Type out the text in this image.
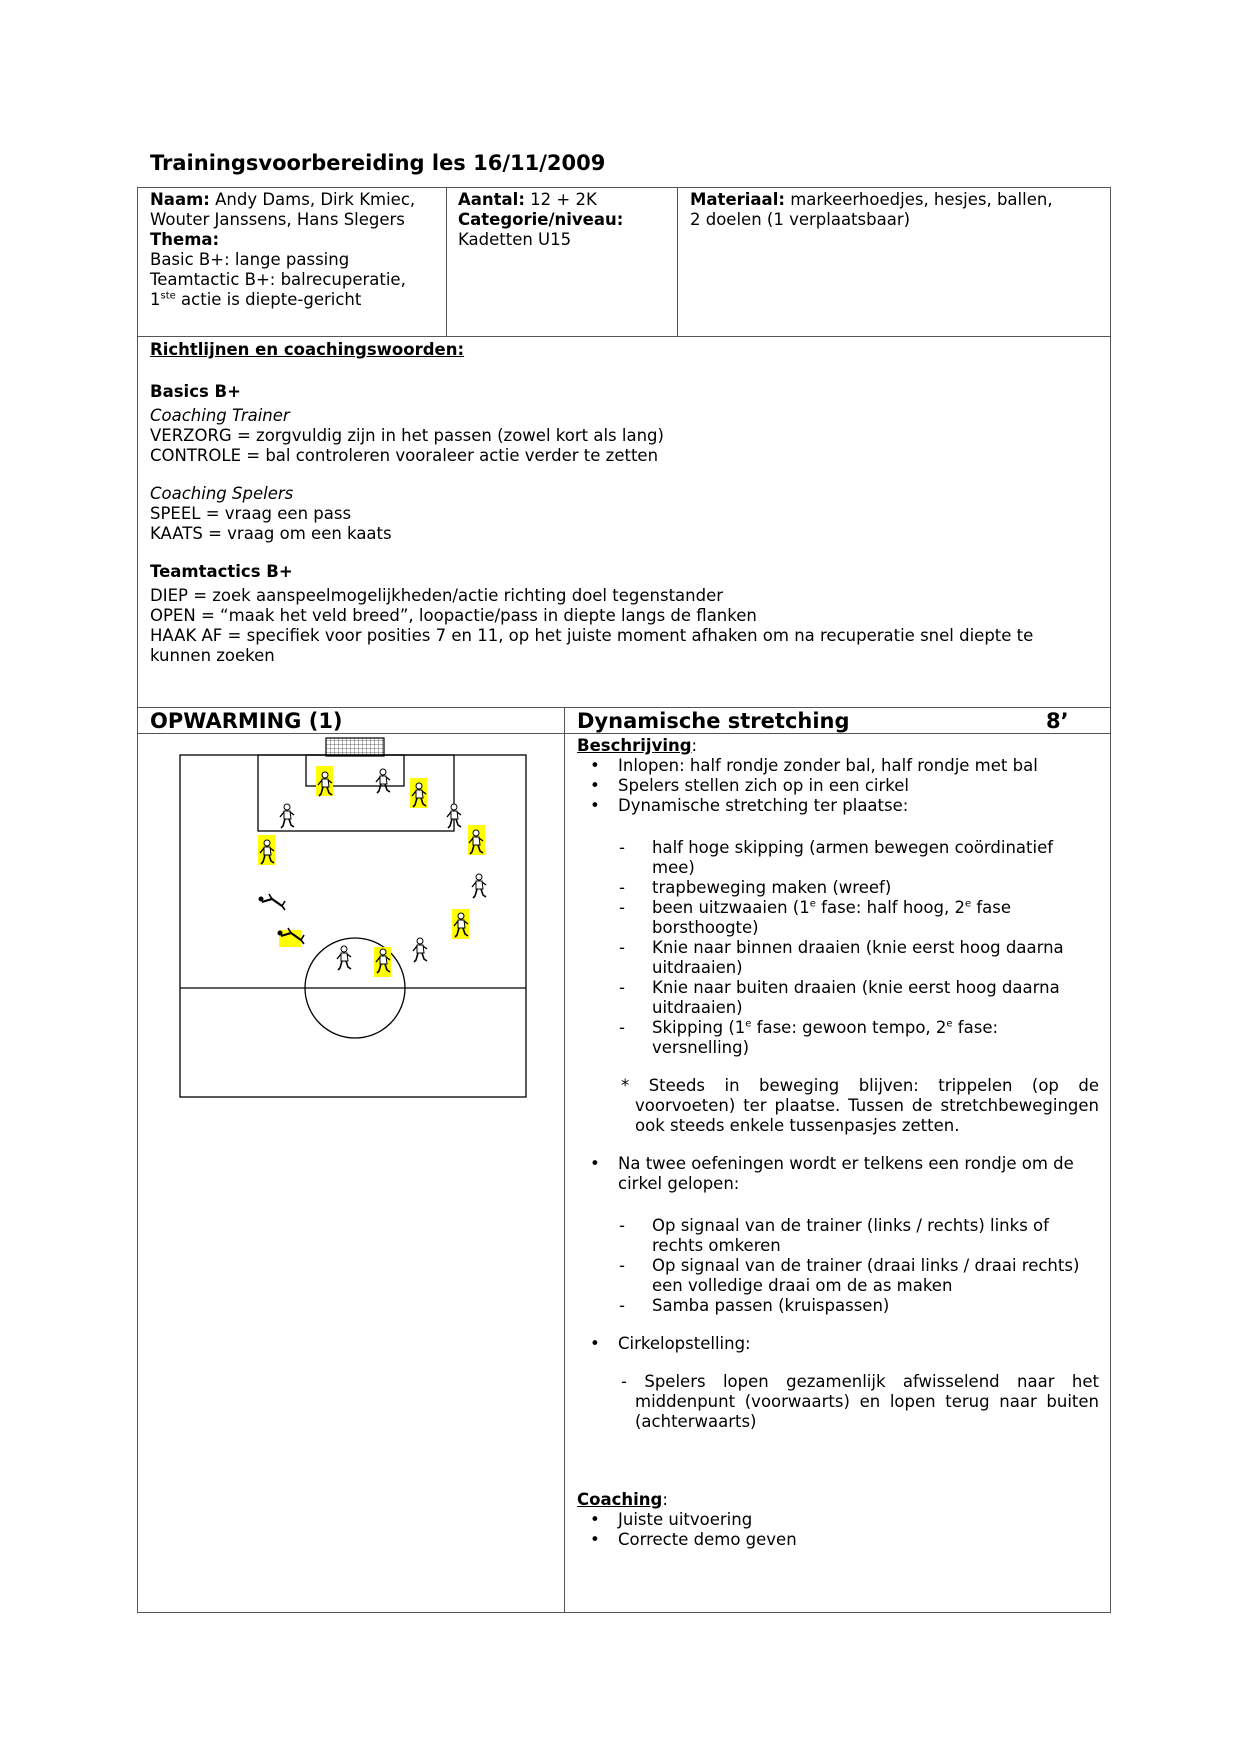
Trainingsvoorbereiding les 16/11/2009
Naam: Andy Dams, Dirk Kmiec,
Wouter Janssens, Hans Slegers
Thema:
Basic B+: lange passing
Teamtactic B+: balrecuperatie,
1ste actie is diepte-gericht
Aantal: 12 + 2K
Categorie/niveau:
Kadetten U15
Materiaal: markeerhoedjes, hesjes, ballen,
2 doelen (1 verplaatsbaar)
Richtlijnen en coachingswoorden:
Basics B+
Coaching Trainer
VERZORG = zorgvuldig zijn in het passen (zowel kort als lang)
CONTROLE = bal controleren vooraleer actie verder te zetten
Coaching Spelers
SPEEL = vraag een pass
KAATS = vraag om een kaats
Teamtactics B+
DIEP = zoek aanspeelmogelijkheden/actie richting doel tegenstander
OPEN = “maak het veld breed”, loopactie/pass in diepte langs de flanken
HAAK AF = specifiek voor posities 7 en 11, op het juiste moment afhaken om na recuperatie snel diepte te
kunnen zoeken
OPWARMING (1)	Dynamische stretching	8’
Beschrijving:
• Inlopen: half rondje zonder bal, half rondje met bal
• Spelers stellen zich op in een cirkel
• Dynamische stretching ter plaatse:
- half hoge skipping (armen bewegen coördinatief
mee)
- trapbeweging maken (wreef)
- been uitzwaaien (1e fase: half hoog, 2e fase
borsthoogte)
- Knie naar binnen draaien (knie eerst hoog daarna
uitdraaien)
- Knie naar buiten draaien (knie eerst hoog daarna
uitdraaien)
- Skipping (1e fase: gewoon tempo, 2e fase:
versnelling)
* Steeds in beweging blijven: trippelen (op de voorvoeten) ter plaatse. Tussen de stretchbewegingen ook steeds enkele tussenpasjes zetten.
• Na twee oefeningen wordt er telkens een rondje om de cirkel gelopen:
- Op signaal van de trainer (links / rechts) links of
rechts omkeren
- Op signaal van de trainer (draai links / draai rechts)
een volledige draai om de as maken
- Samba passen (kruispassen)
• Cirkelopstelling:
- Spelers lopen gezamenlijk afwisselend naar het middenpunt (voorwaarts) en lopen terug naar buiten (achterwaarts)
Coaching:
• Juiste uitvoering
• Correcte demo geven
